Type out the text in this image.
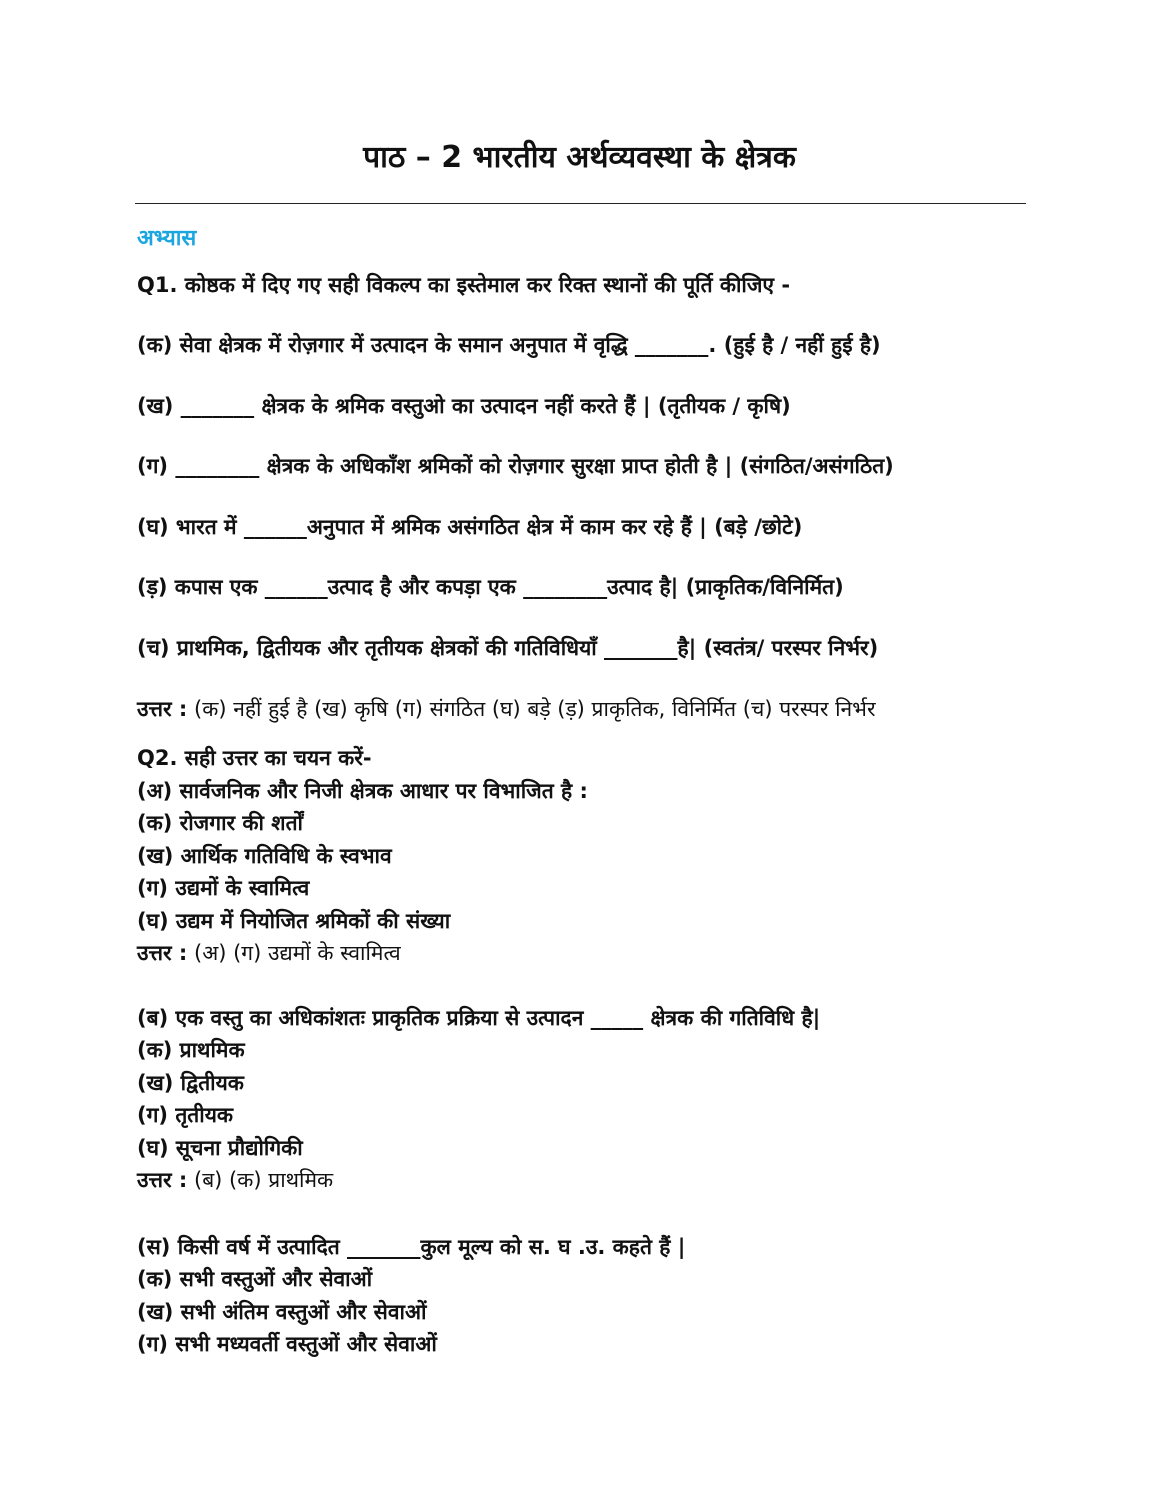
पाठ – 2 भारतीय अर्थव्यवस्था के क्षेत्रक
अभ्यास
Q1. कोष्ठक में दिए गए सही विकल्प का इस्तेमाल कर रिक्त स्थानों की पूर्ति कीजिए -
(क) सेवा क्षेत्रक में रोज़गार में उत्पादन के समान अनुपात में वृद्धि _______. (हुई है / नहीं हुई है)
(ख) _______ क्षेत्रक के श्रमिक वस्तुओ का उत्पादन नहीं करते हैं | (तृतीयक / कृषि)
(ग) ________ क्षेत्रक के अधिकाँश श्रमिकों को रोज़गार सुरक्षा प्राप्त होती है | (संगठित/असंगठित)
(घ) भारत में ______अनुपात में श्रमिक असंगठित क्षेत्र में काम कर रहे हैं | (बड़े /छोटे)
(ड़) कपास एक ______उत्पाद है और कपड़ा एक ________उत्पाद है| (प्राकृतिक/विनिर्मित)
(च) प्राथमिक, द्वितीयक और तृतीयक क्षेत्रकों की गतिविधियाँ _______है| (स्वतंत्र/ परस्पर निर्भर)
उत्तर : (क) नहीं हुई है (ख) कृषि (ग) संगठित (घ) बड़े (ड़) प्राकृतिक, विनिर्मित (च) परस्पर निर्भर
Q2. सही उत्तर का चयन करें-
(अ) सार्वजनिक और निजी क्षेत्रक आधार पर विभाजित है :
(क) रोजगार की शर्तों
(ख) आर्थिक गतिविधि के स्वभाव
(ग) उद्यमों के स्वामित्व
(घ) उद्यम में नियोजित श्रमिकों की संख्या
उत्तर : (अ) (ग) उद्यमों के स्वामित्व
(ब) एक वस्तु का अधिकांशतः प्राकृतिक प्रक्रिया से उत्पादन _____ क्षेत्रक की गतिविधि है|
(क) प्राथमिक
(ख) द्वितीयक
(ग) तृतीयक
(घ) सूचना प्रौद्योगिकी
उत्तर : (ब) (क) प्राथमिक
(स) किसी वर्ष में उत्पादित _______कुल मूल्य को स. घ .उ. कहते हैं |
(क) सभी वस्तुओं और सेवाओं
(ख) सभी अंतिम वस्तुओं और सेवाओं
(ग) सभी मध्यवर्ती वस्तुओं और सेवाओं
